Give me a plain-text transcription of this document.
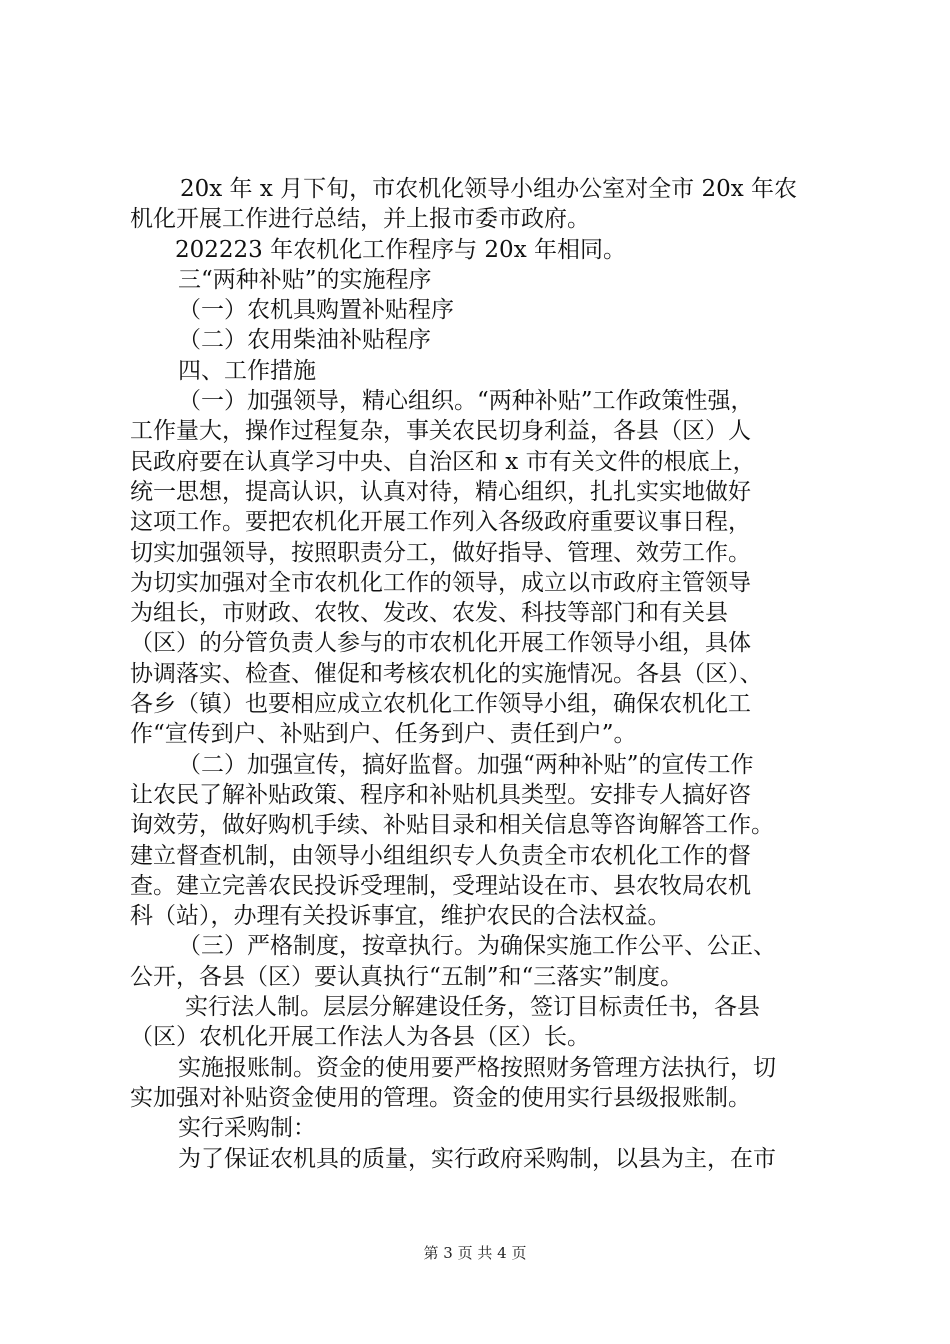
20x 年 x 月下旬，市农机化领导小组办公室对全市 20x 年农
机化开展工作进行总结，并上报市委市政府。
202223 年农机化工作程序与 20x 年相同。
三“两种补贴”的实施程序
（一）农机具购置补贴程序
（二）农用柴油补贴程序
四、工作措施
（一）加强领导，精心组织。“两种补贴”工作政策性强，
工作量大，操作过程复杂，事关农民切身利益，各县（区）人
民政府要在认真学习中央、自治区和 x 市有关文件的根底上，
统一思想，提高认识，认真对待，精心组织，扎扎实实地做好
这项工作。要把农机化开展工作列入各级政府重要议事日程，
切实加强领导，按照职责分工，做好指导、管理、效劳工作。
为切实加强对全市农机化工作的领导，成立以市政府主管领导
为组长，市财政、农牧、发改、农发、科技等部门和有关县
（区）的分管负责人参与的市农机化开展工作领导小组，具体
协调落实、检查、催促和考核农机化的实施情况。各县（区）、
各乡（镇）也要相应成立农机化工作领导小组，确保农机化工
作“宣传到户、补贴到户、任务到户、责任到户”。
（二）加强宣传，搞好监督。加强“两种补贴”的宣传工作
让农民了解补贴政策、程序和补贴机具类型。安排专人搞好咨
询效劳，做好购机手续、补贴目录和相关信息等咨询解答工作。
建立督查机制，由领导小组组织专人负责全市农机化工作的督
查。建立完善农民投诉受理制，受理站设在市、县农牧局农机
科（站），办理有关投诉事宜，维护农民的合法权益。
（三）严格制度，按章执行。为确保实施工作公平、公正、
公开，各县（区）要认真执行“五制”和“三落实”制度。
实行法人制。层层分解建设任务，签订目标责任书，各县
（区）农机化开展工作法人为各县（区）长。
实施报账制。资金的使用要严格按照财务管理方法执行，切
实加强对补贴资金使用的管理。资金的使用实行县级报账制。
实行采购制：
为了保证农机具的质量，实行政府采购制，以县为主，在市
第 3 页 共 4 页
